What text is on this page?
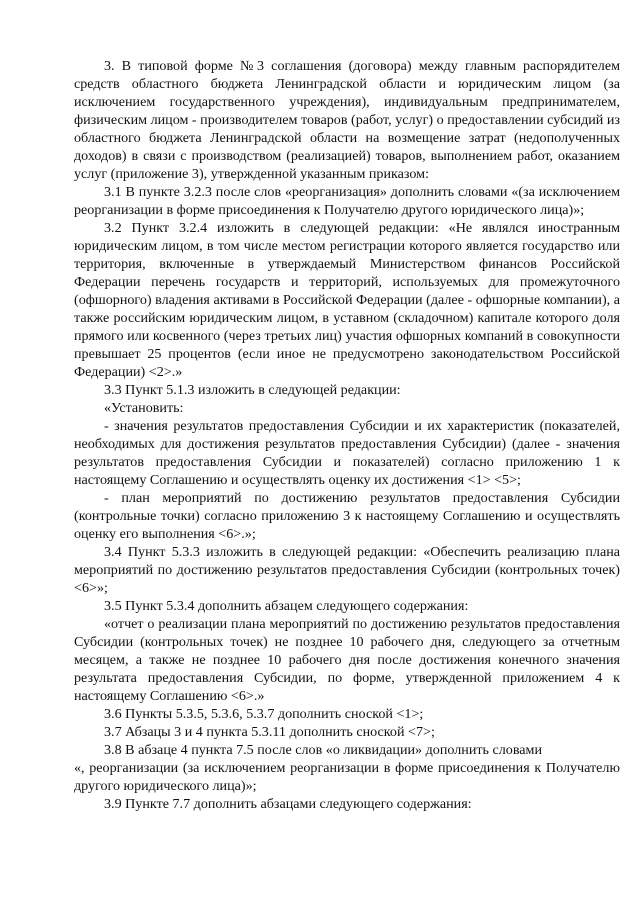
3. В типовой форме №3 соглашения (договора) между главным распорядителем средств областного бюджета Ленинградской области и юридическим лицом (за исключением государственного учреждения), индивидуальным предпринимателем, физическим лицом - производителем товаров (работ, услуг) о предоставлении субсидий из областного бюджета Ленинградской области на возмещение затрат (недополученных доходов) в связи с производством (реализацией) товаров, выполнением работ, оказанием услуг (приложение 3), утвержденной указанным приказом:

3.1 В пункте 3.2.3 после слов «реорганизация» дополнить словами «(за исключением реорганизации в форме присоединения к Получателю другого юридического лица)»;

3.2 Пункт 3.2.4 изложить в следующей редакции: «Не являлся иностранным юридическим лицом, в том числе местом регистрации которого является государство или территория, включенные в утверждаемый Министерством финансов Российской Федерации перечень государств и территорий, используемых для промежуточного (офшорного) владения активами в Российской Федерации (далее - офшорные компании), а также российским юридическим лицом, в уставном (складочном) капитале которого доля прямого или косвенного (через третьих лиц) участия офшорных компаний в совокупности превышает 25 процентов (если иное не предусмотрено законодательством Российской Федерации) <2>.»

3.3 Пункт 5.1.3 изложить в следующей редакции:

«Установить:

- значения результатов предоставления Субсидии и их характеристик (показателей, необходимых для достижения результатов предоставления Субсидии) (далее - значения результатов предоставления Субсидии и показателей) согласно приложению 1 к настоящему Соглашению и осуществлять оценку их достижения <1> <5>;

- план мероприятий по достижению результатов предоставления Субсидии (контрольные точки) согласно приложению 3 к настоящему Соглашению и осуществлять оценку его выполнения <6>.»;

3.4 Пункт 5.3.3 изложить в следующей редакции: «Обеспечить реализацию плана мероприятий по достижению результатов предоставления Субсидии (контрольных точек) <6>»;

3.5 Пункт 5.3.4 дополнить абзацем следующего содержания:

«отчет о реализации плана мероприятий по достижению результатов предоставления Субсидии (контрольных точек) не позднее 10 рабочего дня, следующего за отчетным месяцем, а также не позднее 10 рабочего дня после достижения конечного значения результата предоставления Субсидии, по форме, утвержденной приложением 4 к настоящему Соглашению <6>.»

3.6 Пункты 5.3.5, 5.3.6, 5.3.7 дополнить сноской <1>;

3.7 Абзацы 3 и 4 пункта 5.3.11 дополнить сноской <7>;

3.8 В абзаце 4 пункта 7.5 после слов «о ликвидации» дополнить словами

«, реорганизации (за исключением реорганизации в форме присоединения к Получателю другого юридического лица)»;

3.9 Пункте 7.7 дополнить абзацами следующего содержания:
